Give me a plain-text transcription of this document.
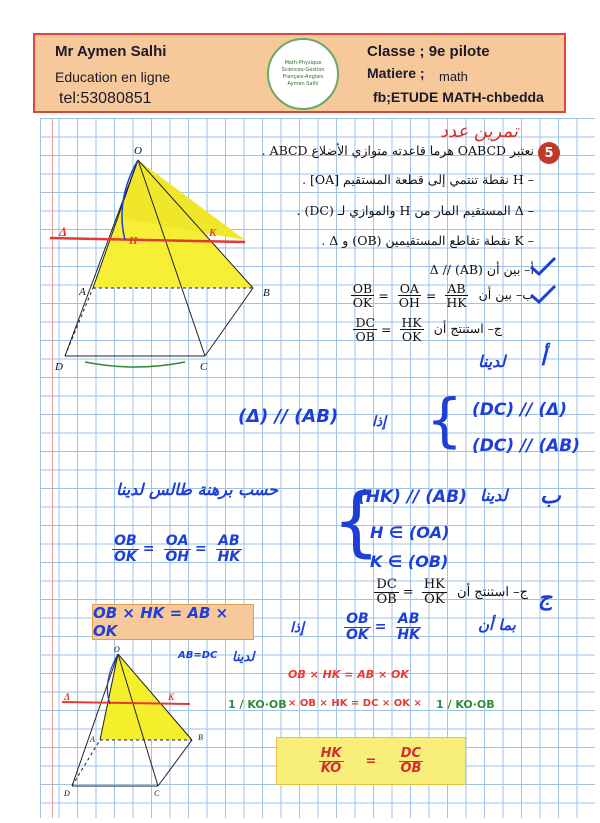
Mr Aymen Salhi
Education en ligne
tel:53080851
Math-Physique Sciences-Gestion Français-Anglais Aymen Salhi
Classe ; 9e pilote
Matiere ; math
fb;ETUDE MATH-chbedda
تمرين عدد
5
نعتبر OABCD هرما قاعدته متوازي الأضلاع ABCD .
– H نقطة تنتمي إلى قطعة المستقيم [OA] .
– Δ المستقيم المار من H والموازي لـ (DC) .
– K نقطة تقاطع المستقيمين (OB) و Δ .
أ– بين أن Δ // (AB)
$\frac{OB}{OK} = \frac{OA}{OH} = \frac{AB}{HK}$ ب– بين أن
$\frac{DC}{OB} = \frac{HK}{OK}$ ج– استنتج أن
O
A	B
C
D
H
K
Δ
أ
لدينا
{ (DC) // (Δ)
(DC) // (AB)
إذا
(Δ) // (AB)
ب
لدينا
{
(HK) // (AB)
H ∈ (OA)
K ∈ (OB)
حسب برهنة طالس لدينا
$\frac{OB}{OK} = \frac{OA}{OH} = \frac{AB}{HK}$
ج
$\frac{DC}{OB} = \frac{HK}{OK}$ ج– استنتج أن
بما أن
$\frac{OB}{OK} = \frac{AB}{HK}$
إذا
OB × HK = AB × OK
لدينا
AB=DC
O
A	B
C
D
Δ	K
OB × HK = AB × OK
1 / KO·OB × OB × HK = DC × OK × 1 / KO·OB
$\frac{HK}{KO} = \frac{DC}{OB}$
